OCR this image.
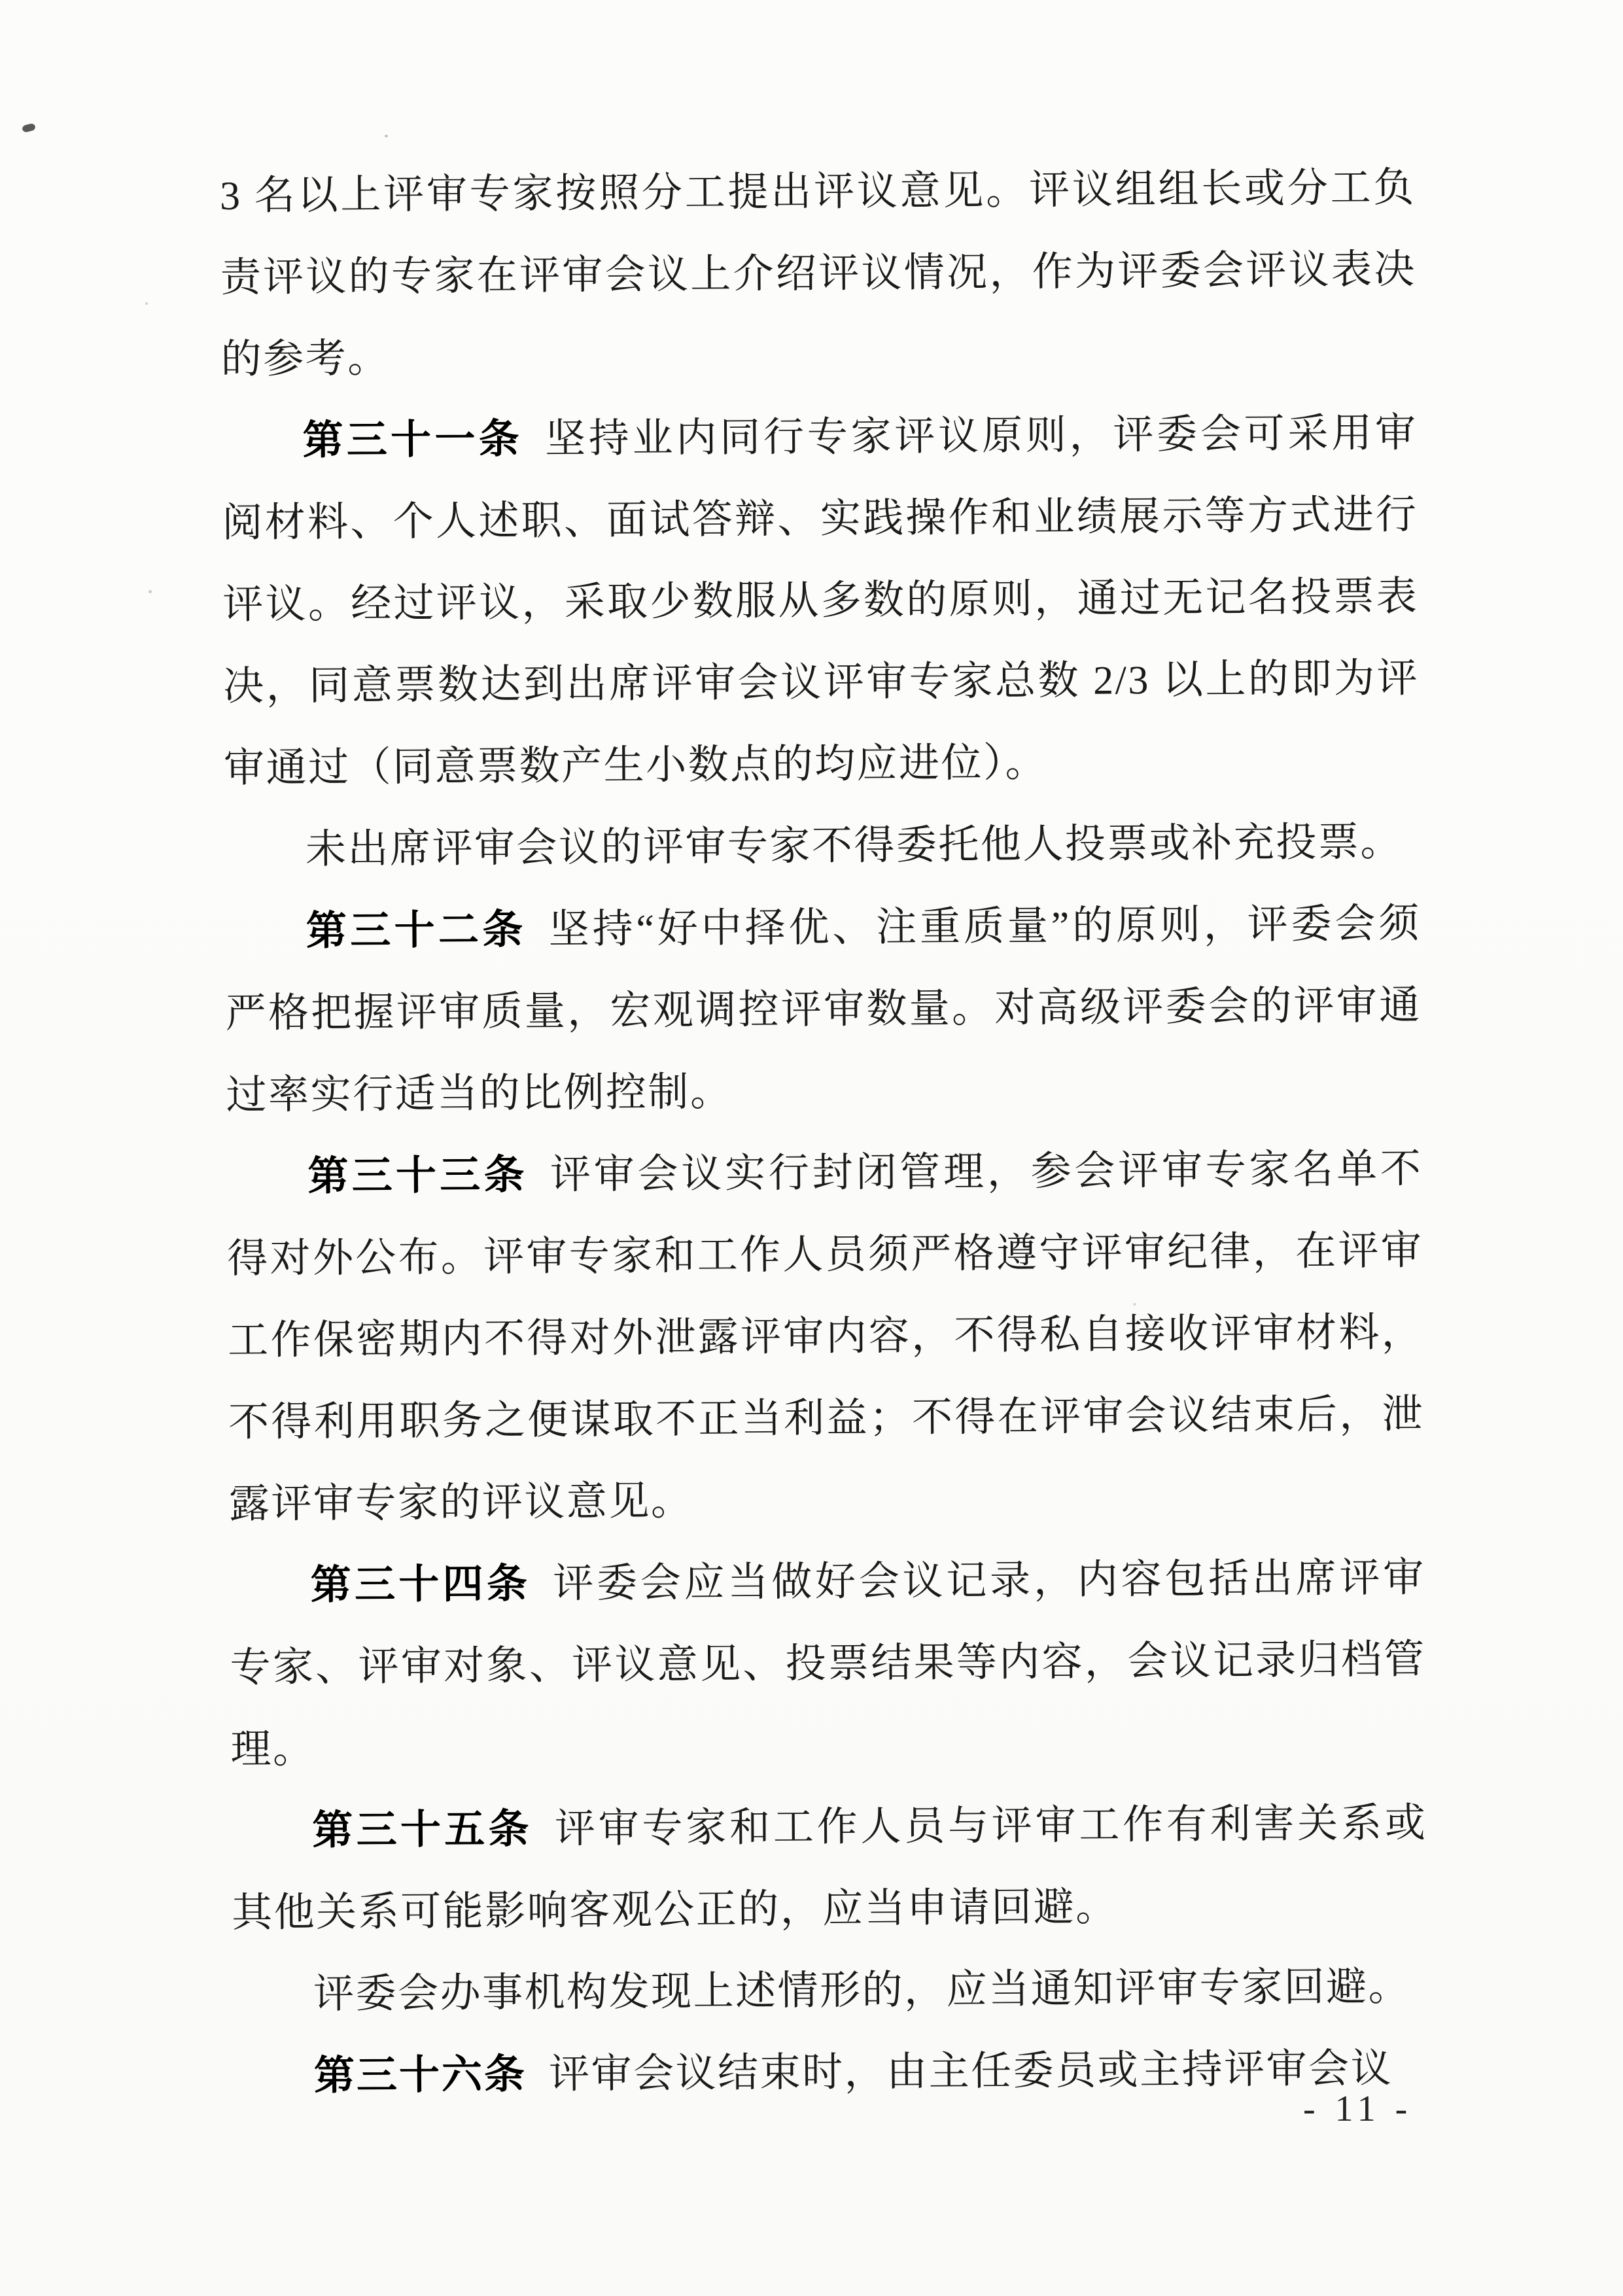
3 名以上评审专家按照分工提出评议意见。评议组组长或分工负责评议的专家在评审会议上介绍评议情况，作为评委会评议表决的参考。

第三十一条 坚持业内同行专家评议原则，评委会可采用审阅材料、个人述职、面试答辩、实践操作和业绩展示等方式进行评议。经过评议，采取少数服从多数的原则，通过无记名投票表决，同意票数达到出席评审会议评审专家总数 2/3 以上的即为评审通过（同意票数产生小数点的均应进位）。

未出席评审会议的评审专家不得委托他人投票或补充投票。

第三十二条 坚持“好中择优、注重质量”的原则，评委会须严格把握评审质量，宏观调控评审数量。对高级评委会的评审通过率实行适当的比例控制。

第三十三条 评审会议实行封闭管理，参会评审专家名单不得对外公布。评审专家和工作人员须严格遵守评审纪律，在评审工作保密期内不得对外泄露评审内容，不得私自接收评审材料，不得利用职务之便谋取不正当利益；不得在评审会议结束后，泄露评审专家的评议意见。

第三十四条 评委会应当做好会议记录，内容包括出席评审专家、评审对象、评议意见、投票结果等内容，会议记录归档管理。

第三十五条 评审专家和工作人员与评审工作有利害关系或其他关系可能影响客观公正的，应当申请回避。

评委会办事机构发现上述情形的，应当通知评审专家回避。

第三十六条 评审会议结束时，由主任委员或主持评审会议

- 11 -
